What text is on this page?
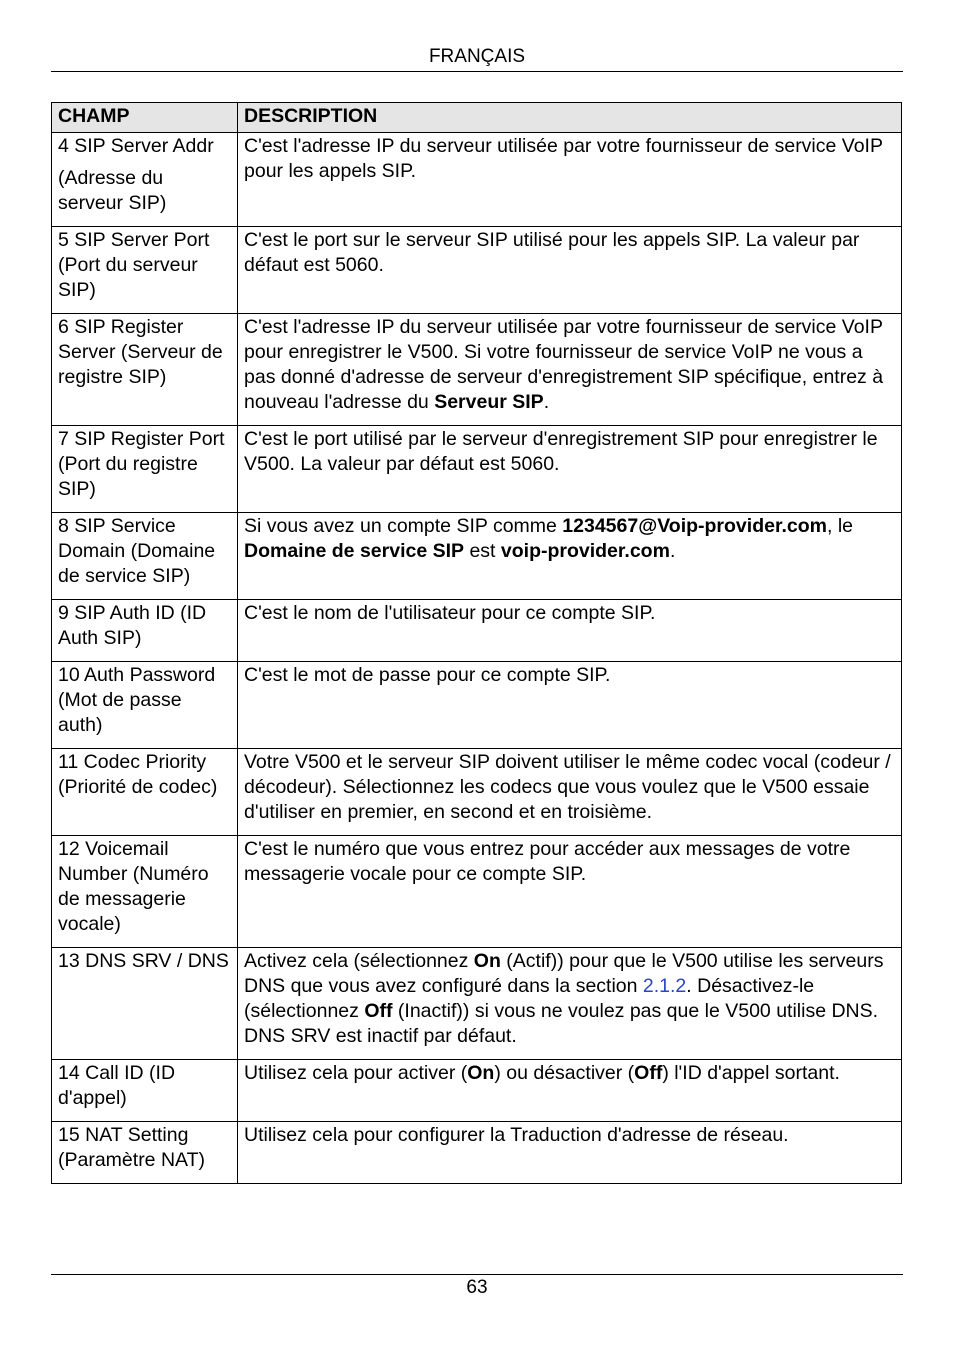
FRANÇAIS
CHAMP	DESCRIPTION

4 SIP Server Addr
(Adresse du serveur SIP)	C'est l'adresse IP du serveur utilisée par votre fournisseur de service VoIP pour les appels SIP.

5 SIP Server Port (Port du serveur SIP)	C'est le port sur le serveur SIP utilisé pour les appels SIP. La valeur par défaut est 5060.

6 SIP Register Server (Serveur de registre SIP)	C'est l'adresse IP du serveur utilisée par votre fournisseur de service VoIP pour enregistrer le V500. Si votre fournisseur de service VoIP ne vous a pas donné d'adresse de serveur d'enregistrement SIP spécifique, entrez à nouveau l'adresse du Serveur SIP.

7 SIP Register Port (Port du registre SIP)	C'est le port utilisé par le serveur d'enregistrement SIP pour enregistrer le V500. La valeur par défaut est 5060.

8 SIP Service Domain (Domaine de service SIP)	Si vous avez un compte SIP comme 1234567@Voip-provider.com, le Domaine de service SIP est voip-provider.com.

9 SIP Auth ID (ID Auth SIP)	C'est le nom de l'utilisateur pour ce compte SIP.

10 Auth Password (Mot de passe auth)	C'est le mot de passe pour ce compte SIP.

11 Codec Priority (Priorité de codec)	Votre V500 et le serveur SIP doivent utiliser le même codec vocal (codeur / décodeur). Sélectionnez les codecs que vous voulez que le V500 essaie d'utiliser en premier, en second et en troisième.

12 Voicemail Number (Numéro de messagerie vocale)	C'est le numéro que vous entrez pour accéder aux messages de votre messagerie vocale pour ce compte SIP.

13 DNS SRV / DNS	Activez cela (sélectionnez On (Actif)) pour que le V500 utilise les serveurs DNS que vous avez configuré dans la section 2.1.2. Désactivez-le (sélectionnez Off (Inactif)) si vous ne voulez pas que le V500 utilise DNS. DNS SRV est inactif par défaut.

14 Call ID (ID d'appel)	Utilisez cela pour activer (On) ou désactiver (Off) l'ID d'appel sortant.

15 NAT Setting (Paramètre NAT)	Utilisez cela pour configurer la Traduction d'adresse de réseau.
63
